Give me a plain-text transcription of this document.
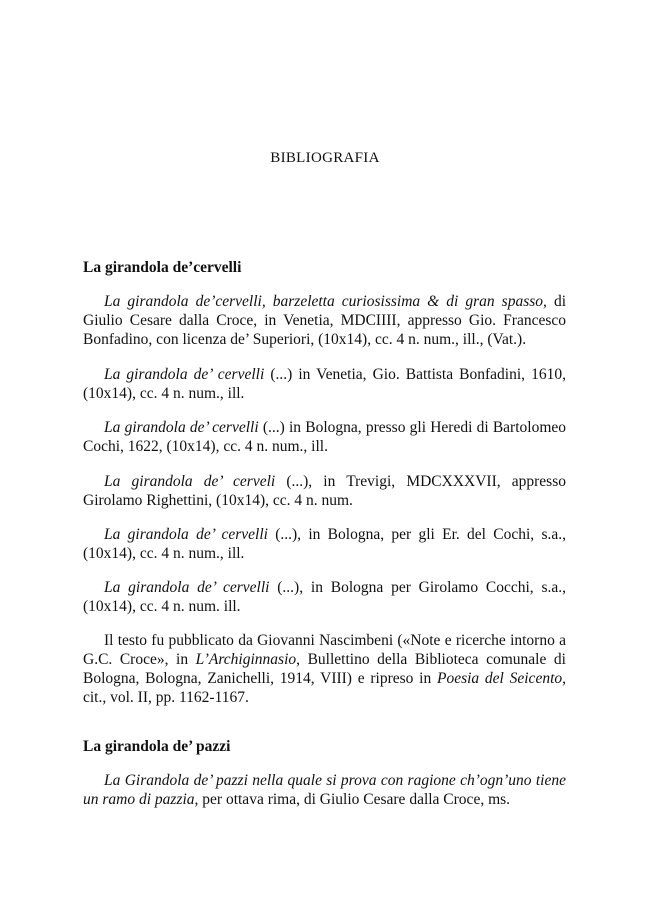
BIBLIOGRAFIA
La girandola de’cervelli

La girandola de’cervelli, barzeletta curiosissima & di gran spasso, di Giulio Cesare dalla Croce, in Venetia, MDCIIII, appresso Gio. Francesco Bonfadino, con licenza de’ Superiori, (10x14), cc. 4 n. num., ill., (Vat.).

La girandola de’ cervelli (...) in Venetia, Gio. Battista Bonfadini, 1610, (10x14), cc. 4 n. num., ill.

La girandola de’ cervelli (...) in Bologna, presso gli Heredi di Bartolomeo Cochi, 1622, (10x14), cc. 4 n. num., ill.

La girandola de’ cerveli (...), in Trevigi, MDCXXXVII, appresso Girolamo Righettini, (10x14), cc. 4 n. num.

La girandola de’ cervelli (...), in Bologna, per gli Er. del Cochi, s.a., (10x14), cc. 4 n. num., ill.

La girandola de’ cervelli (...), in Bologna per Girolamo Cocchi, s.a., (10x14), cc. 4 n. num. ill.

Il testo fu pubblicato da Giovanni Nascimbeni («Note e ricerche intorno a G.C. Croce», in L’Archiginnasio, Bullettino della Biblioteca comunale di Bologna, Bologna, Zanichelli, 1914, VIII) e ripreso in Poesia del Seicento, cit., vol. II, pp. 1162-1167.

La girandola de’ pazzi

La Girandola de’ pazzi nella quale si prova con ragione ch’ogn’uno tiene un ramo di pazzia, per ottava rima, di Giulio Cesare dalla Croce, ms.
